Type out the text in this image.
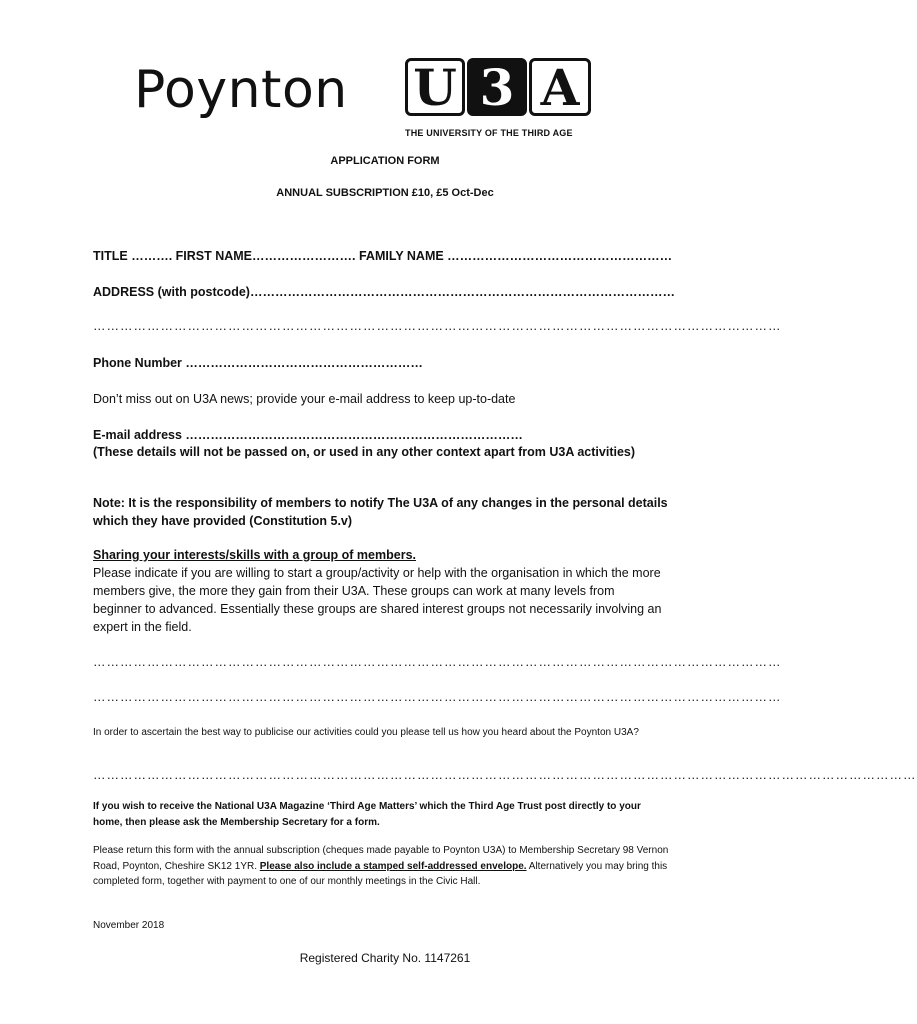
Poynton U 3 A
THE UNIVERSITY OF THE THIRD AGE
APPLICATION FORM
ANNUAL SUBSCRIPTION £10, £5 Oct-Dec
TITLE ………. FIRST NAME……………………. FAMILY NAME ………………………………………………
ADDRESS (with postcode)…………………………………………………………………………………………
………………………………………………………………………………………………………………………………………
Phone Number …………………………………………………
Don’t miss out on U3A news; provide your e-mail address to keep up-to-date
E-mail address ………………………………………………………………………
(These details will not be passed on, or used in any other context apart from U3A activities)
Note: It is the responsibility of members to notify The U3A of any changes in the personal details which they have provided (Constitution 5.v)
Sharing your interests/skills with a group of members.
Please indicate if you are willing to start a group/activity or help with the organisation in which the more members give, the more they gain from their U3A. These groups can work at many levels from beginner to advanced. Essentially these groups are shared interest groups not necessarily involving an expert in the field.
………………………………………………………………………………………………………………………………………
………………………………………………………………………………………………………………………………………
In order to ascertain the best way to publicise our activities could you please tell us how you heard about the Poynton U3A?
…………………………………………………………………………………………………………………………………………………………………
If you wish to receive the National U3A Magazine ‘Third Age Matters’ which the Third Age Trust post directly to your home, then please ask the Membership Secretary for a form.
Please return this form with the annual subscription (cheques made payable to Poynton U3A) to Membership Secretary 98 Vernon Road, Poynton, Cheshire SK12 1YR. Please also include a stamped self-addressed envelope. Alternatively you may bring this completed form, together with payment to one of our monthly meetings in the Civic Hall.
November 2018
Registered Charity No. 1147261
